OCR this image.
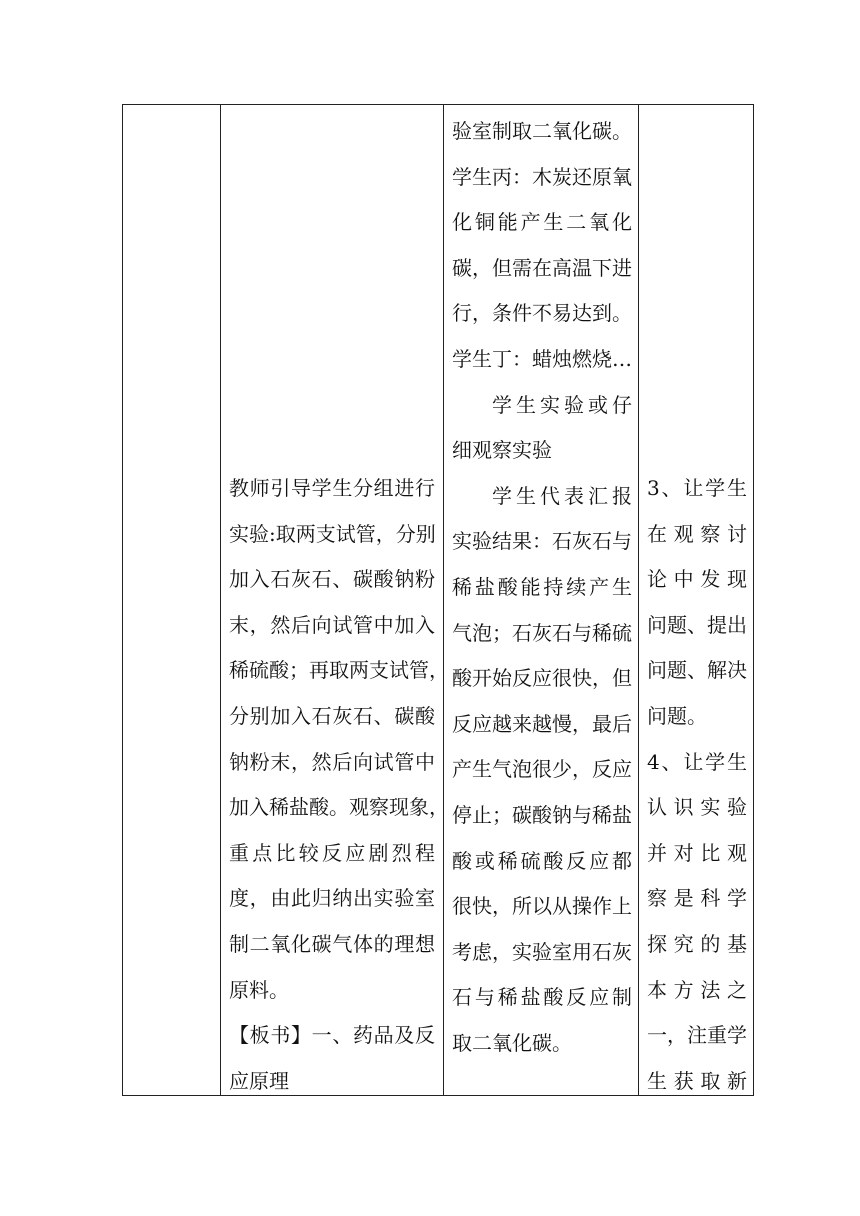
教师引导学生分组进行
实验:取两支试管，分别
加入石灰石、碳酸钠粉
末，然后向试管中加入
稀硫酸；再取两支试管，
分别加入石灰石、碳酸
钠粉末，然后向试管中
加入稀盐酸。观察现象，
重点比较反应剧烈程
度，由此归纳出实验室
制二氧化碳气体的理想
原料。
【板书】一、药品及反
应原理
验室制取二氧化碳。
学生丙：木炭还原氧
化铜能产生二氧化
碳，但需在高温下进
行，条件不易达到。
学生丁：蜡烛燃烧…
学生实验或仔
细观察实验
学生代表汇报
实验结果：石灰石与
稀盐酸能持续产生
气泡；石灰石与稀硫
酸开始反应很快，但
反应越来越慢，最后
产生气泡很少，反应
停止；碳酸钠与稀盐
酸或稀硫酸反应都
很快，所以从操作上
考虑，实验室用石灰
石与稀盐酸反应制
取二氧化碳。
3、让学生
在观察讨
论中发现
问题、提出
问题、解决
问题。
4、让学生
认识实验
并对比观
察是科学
探究的基
本方法之
一，注重学
生获取新
